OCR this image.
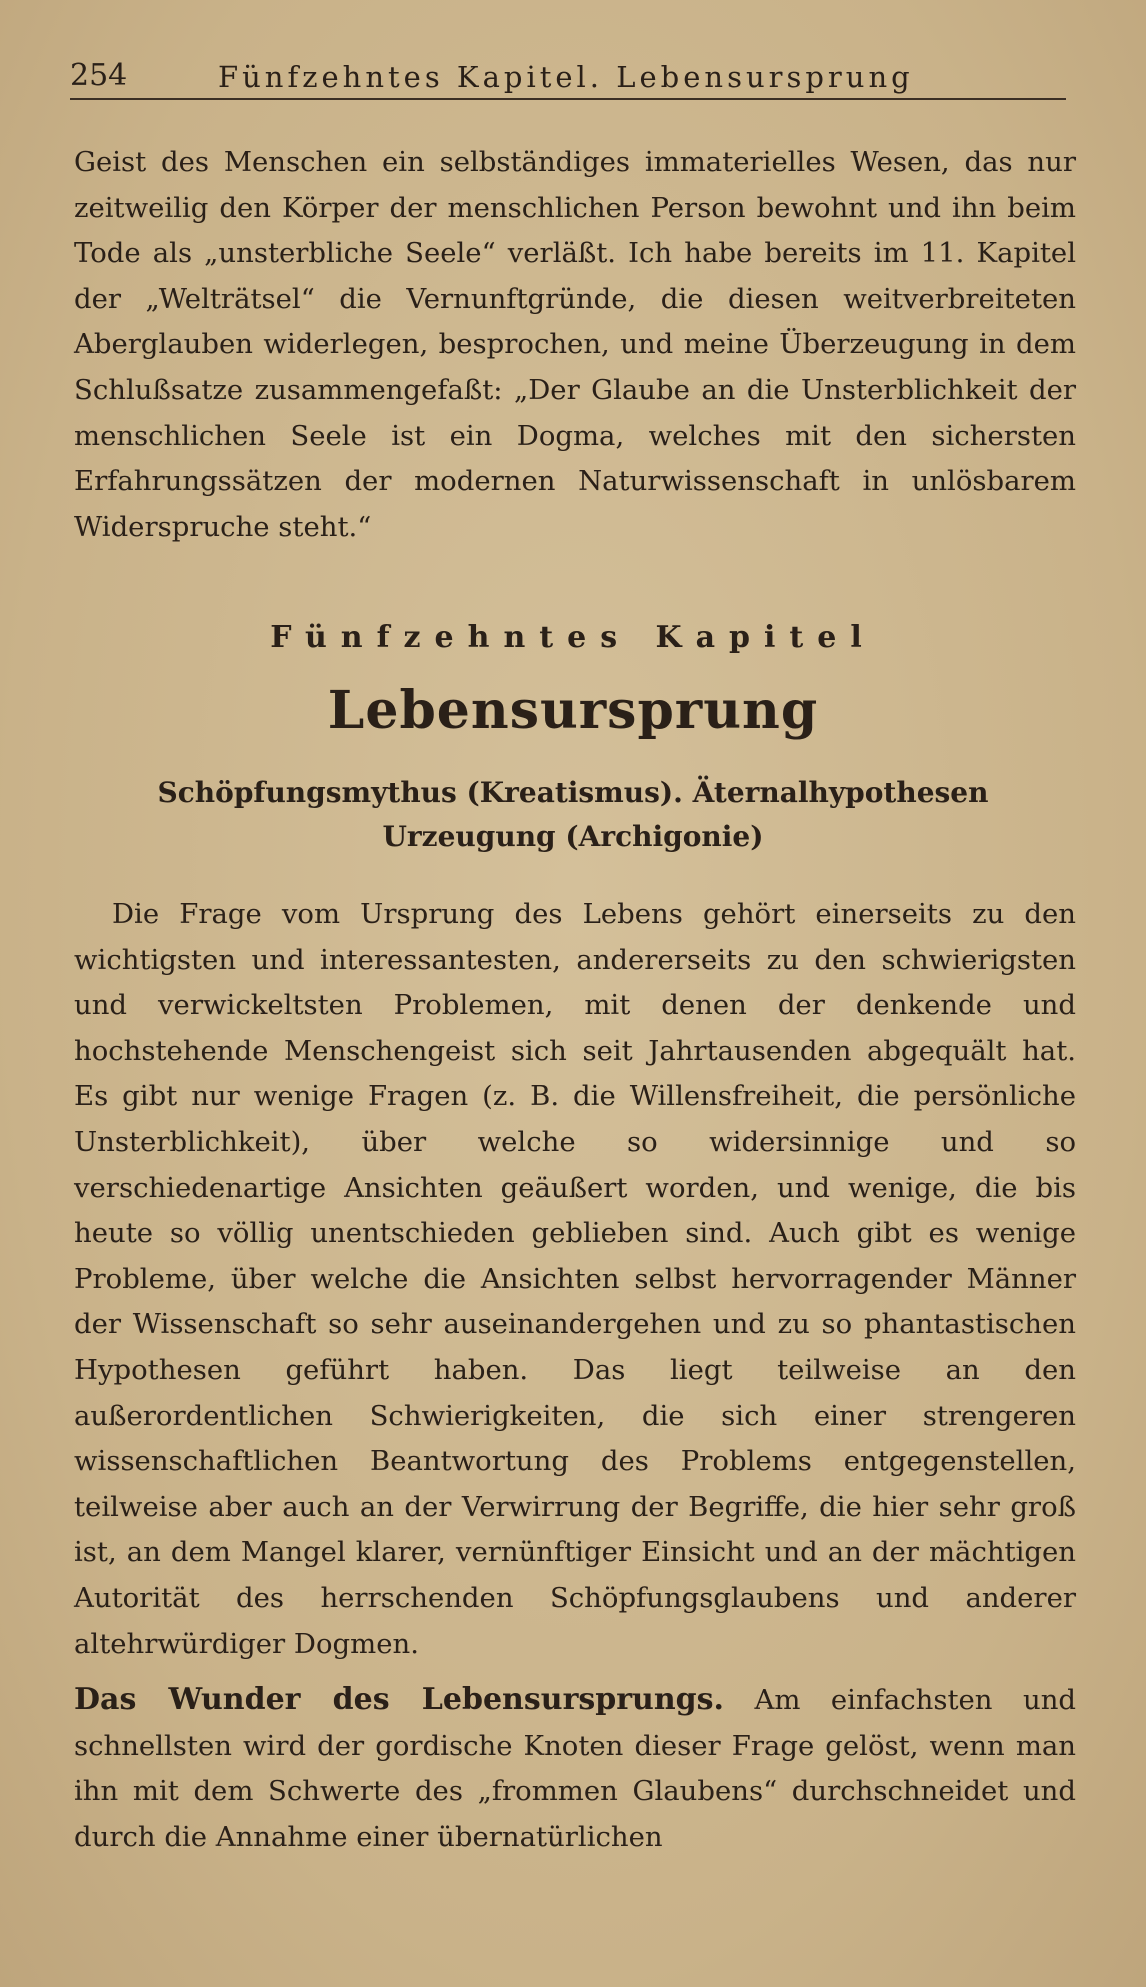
254	Fünfzehntes Kapitel. Lebensursprung

Geist des Menschen ein selbständiges immaterielles Wesen, das nur zeitweilig den Körper der menschlichen Person bewohnt und ihn beim Tode als „unsterbliche Seele“ verläßt. Ich habe bereits im 11. Kapitel der „Welträtsel“ die Vernunftgründe, die diesen weitverbreiteten Aberglauben widerlegen, besprochen, und meine Überzeugung in dem Schlußsatze zusammengefaßt: „Der Glaube an die Unsterblichkeit der menschlichen Seele ist ein Dogma, welches mit den sichersten Erfahrungssätzen der modernen Naturwissenschaft in unlösbarem Widerspruche steht.“

Fünfzehntes Kapitel
Lebensursprung
Schöpfungsmythus (Kreatismus). Äternalhypothesen
Urzeugung (Archigonie)

Die Frage vom Ursprung des Lebens gehört einerseits zu den wichtigsten und interessantesten, andererseits zu den schwierigsten und verwickeltsten Problemen, mit denen der denkende und hochstehende Menschengeist sich seit Jahrtausenden abgequält hat. Es gibt nur wenige Fragen (z. B. die Willensfreiheit, die persönliche Unsterblichkeit), über welche so widersinnige und so verschiedenartige Ansichten geäußert worden, und wenige, die bis heute so völlig unentschieden geblieben sind. Auch gibt es wenige Probleme, über welche die Ansichten selbst hervorragender Männer der Wissenschaft so sehr auseinandergehen und zu so phantastischen Hypothesen geführt haben. Das liegt teilweise an den außerordentlichen Schwierigkeiten, die sich einer strengeren wissenschaftlichen Beantwortung des Problems entgegenstellen, teilweise aber auch an der Verwirrung der Begriffe, die hier sehr groß ist, an dem Mangel klarer, vernünftiger Einsicht und an der mächtigen Autorität des herrschenden Schöpfungsglaubens und anderer altehrwürdiger Dogmen.

Das Wunder des Lebensursprungs. Am einfachsten und schnellsten wird der gordische Knoten dieser Frage gelöst, wenn man ihn mit dem Schwerte des „frommen Glaubens“ durchschneidet und durch die Annahme einer übernatürlichen
